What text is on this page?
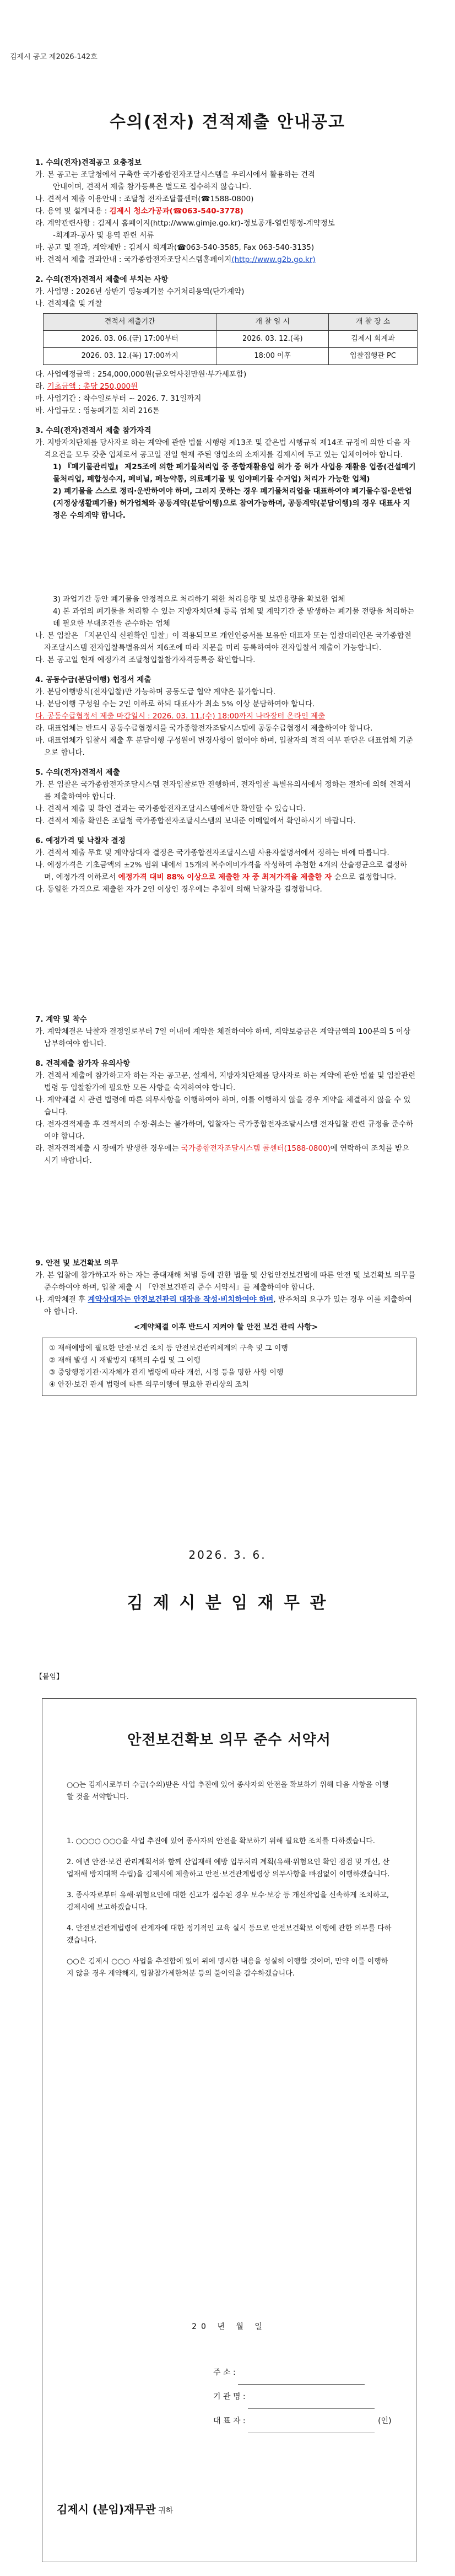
김제시 공고 제2026-142호
수의(전자) 견적제출 안내공고
1. 수의(전자)견적공고 요충정보
가. 본 공고는 조달청에서 구축한 국가종합전자조달시스템을 우리시에서 활용하는 견적
안내이며, 견적서 제출 참가등록은 별도로 접수하지 않습니다.
나. 견적서 제출 이용안내 : 조달청 전자조달콜센터(☎1588-0800)
다. 용역 및 설계내용 : 김제시 청소가공과(☎063-540-3778)
라. 계약관련사항 : 김제시 홈페이지(http://www.gimje.go.kr)-정보공개-열린행정-계약정보
-회계과-공사 및 용역 관련 서류
마. 공고 및 결과, 계약제반 : 김제시 회계과(☎063-540-3585, Fax 063-540-3135)
바. 견적서 제출 결과안내 : 국가종합전자조달시스템홈페이지(http://www.g2b.go.kr)
2. 수의(전자)견적서 제출에 부치는 사항
가. 사업명 : 2026년 상반기 영농폐기물 수거처리용역(단가계약)
나. 견적제출 및 개찰
견적서 제출기간	개 찰 일 시	개 찰 장 소
2026. 03. 06.(금) 17:00부터	2026. 03. 12.(목)	김제시 회계과
2026. 03. 12.(목) 17:00까지	18:00 이후	입찰집행관 PC
다. 사업예정금액 : 254,000,000원(금오억사천만원·부가세포함)
라. 기초금액 : 총당 250,000원
마. 사업기간 : 착수일로부터 ~ 2026. 7. 31일까지
바. 사업규모 : 영농폐기물 처리 216톤
3. 수의(전자)견적서 제출 참가자격
가. 지방자치단체를 당사자로 하는 계약에 관한 법률 시행령 제13조 및 같은법 시행규칙 제14조 규정에 의한 다음 자격요건을 모두 갖춘 업체로서 공고일 전일 현재 주된 영업소의 소재지를 김제시에 두고 있는 업체이어야 합니다.
1) 『폐기물관리법』 제25조에 의한 폐기물처리업 중 종합재활용업 허가 중 허가 사업용 재활용 업종(건설폐기물처리업, 폐합성수지, 폐비닐, 폐농약통, 의료폐기물 및 임야폐기물 수거업) 처리가 가능한 업체)
2) 폐기물을 스스로 정리·운반하여야 하며, 그러지 못하는 경우 폐기물처리업을 대표하여야 폐기물수집·운반업(지정상생활폐기물) 허가업체와 공동계약(분담이행)으로 참여가능하며, 공동계약(분담이행)의 경우 대표사 지정은 수의계약 합니다.
3) 과업기간 동안 폐기물을 안정적으로 처리하기 위한 처리용량 및 보관용량을 확보한 업체
4) 본 과업의 폐기물을 처리할 수 있는 지방자치단체 등록 업체 및 계약기간 중 발생하는 폐기물 전량을 처리하는데 필요한 부대조건을 준수하는 업체
나. 본 입찰은 「지문인식 신원확인 입찰」이 적용되므로 개인인증서를 보유한 대표자 또는 입찰대리인은 국가종합전자조달시스템 전자입찰특별유의서 제6조에 따라 지문을 미리 등록하여야 전자입찰서 제출이 가능합니다.
다. 본 공고일 현재 예정가격 조달청입찰참가자격등록증 확인합니다.
4. 공동수급(분담이행) 협정서 제출
가. 분담이행방식(전자입찰)만 가능하며 공동도급 협약 계약은 불가합니다.
나. 분담이행 구성원 수는 2인 이하로 하되 대표사가 최소 5% 이상 분담하여야 합니다.
다. 공동수급협정서 제출 마감일시 : 2026. 03. 11.(수) 18:00까지 나라장터 온라인 제출
라. 대표업체는 반드시 공동수급협정서를 국가종합전자조달시스템에 공동수급협정서 제출하여야 합니다.
마. 대표업체가 입찰서 제출 후 분담이행 구성원에 변경사항이 없어야 하며, 입찰자의 적격 여부 판단은 대표업체 기준으로 합니다.
5. 수의(전자)견적서 제출
가. 본 입찰은 국가종합전자조달시스템 전자입찰로만 진행하며, 전자입찰 특별유의서에서 정하는 절차에 의해 견적서를 제출하여야 합니다.
나. 견적서 제출 및 확인 결과는 국가종합전자조달시스템에서만 확인할 수 있습니다.
다. 견적서 제출 확인은 조달청 국가종합전자조달시스템의 보내준 이메일에서 확인하시기 바랍니다.
6. 예정가격 및 낙찰자 결정
가. 견적서 제출 무효 및 계약상대자 결정은 국가종합전자조달시스템 사용자설명서에서 정하는 바에 따릅니다.
나. 예정가격은 기초금액의 ±2% 범위 내에서 15개의 복수예비가격을 작성하여 추첨한 4개의 산술평균으로 결정하며, 예정가격 이하로서 예정가격 대비 88% 이상으로 제출한 자 중 최저가격을 제출한 자 순으로 결정합니다.
다. 동일한 가격으로 제출한 자가 2인 이상인 경우에는 추첨에 의해 낙찰자를 결정합니다.
7. 계약 및 착수
가. 계약체결은 낙찰자 결정일로부터 7일 이내에 계약을 체결하여야 하며, 계약보증금은 계약금액의 100분의 5 이상 납부하여야 합니다.
8. 견적제출 참가자 유의사항
가. 견적서 제출에 참가하고자 하는 자는 공고문, 설계서, 지방자치단체를 당사자로 하는 계약에 관한 법률 및 입찰관련법령 등 입찰참가에 필요한 모든 사항을 숙지하여야 합니다.
나. 계약체결 시 관련 법령에 따른 의무사항을 이행하여야 하며, 이를 이행하지 않을 경우 계약을 체결하지 않을 수 있습니다.
다. 전자견적제출 후 견적서의 수정·취소는 불가하며, 입찰자는 국가종합전자조달시스템 전자입찰 관련 규정을 준수하여야 합니다.
라. 전자견적제출 시 장애가 발생한 경우에는 국가종합전자조달시스템 콜센터(1588-0800)에 연락하여 조치를 받으시기 바랍니다.
9. 안전 및 보건확보 의무
가. 본 입찰에 참가하고자 하는 자는 중대재해 처벌 등에 관한 법률 및 산업안전보건법에 따른 안전 및 보건확보 의무를 준수하여야 하며, 입찰 제출 시 「안전보건관리 준수 서약서」를 제출하여야 합니다.
나. 계약체결 후 계약상대자는 안전보건관리 대장을 작성·비치하여야 하며, 발주처의 요구가 있는 경우 이를 제출하여야 합니다.
<계약체결 이후 반드시 지켜야 할 안전 보건 관리 사항>
① 재해예방에 필요한 안전·보건 조치 등 안전보건관리체계의 구축 및 그 이행
② 재해 발생 시 재발방지 대책의 수립 및 그 이행
③ 중앙행정기관·지자체가 관계 법령에 따라 개선, 시정 등을 명한 사항 이행
④ 안전·보건 관계 법령에 따른 의무이행에 필요한 관리상의 조치
2026. 3. 6.
김 제 시 분 임 재 무 관
【붙임】
안전보건확보 의무 준수 서약서
○○는 김제시로부터 수급(수의)받은 사업 추진에 있어 종사자의 안전을 확보하기 위해 다음 사항을 이행할 것을 서약합니다.

1. ○○○○ ○○○을 사업 추진에 있어 종사자의 안전을 확보하기 위해 필요한 조치를 다하겠습니다.

2. 예년 안전·보건 관리계획서와 함께 산업재해 예방 업무처리 계획(유해·위험요인 확인 점검 및 개선, 산업재해 방지대책 수립)을 김제시에 제출하고 안전·보건관계법령상 의무사항을 빠짐없이 이행하겠습니다.

3. 종사자로부터 유해·위험요인에 대한 신고가 접수된 경우 보수·보강 등 개선작업을 신속하게 조치하고, 김제시에 보고하겠습니다.

4. 안전보건관계법령에 관계자에 대한 정기적인 교육 실시 등으로 안전보건확보 이행에 관한 의무를 다하겠습니다.

○○은 김제시 ○○○ 사업을 추진함에 있어 위에 명시한 내용을 성실히 이행할 것이며, 만약 이를 이행하지 않을 경우 계약해지, 입찰참가제한처분 등의 불이익을 감수하겠습니다.

20 년 월 일
주 소 :
기 관 명 :
대 표 자 :	(인)
김제시 (분임)재무관 귀하
